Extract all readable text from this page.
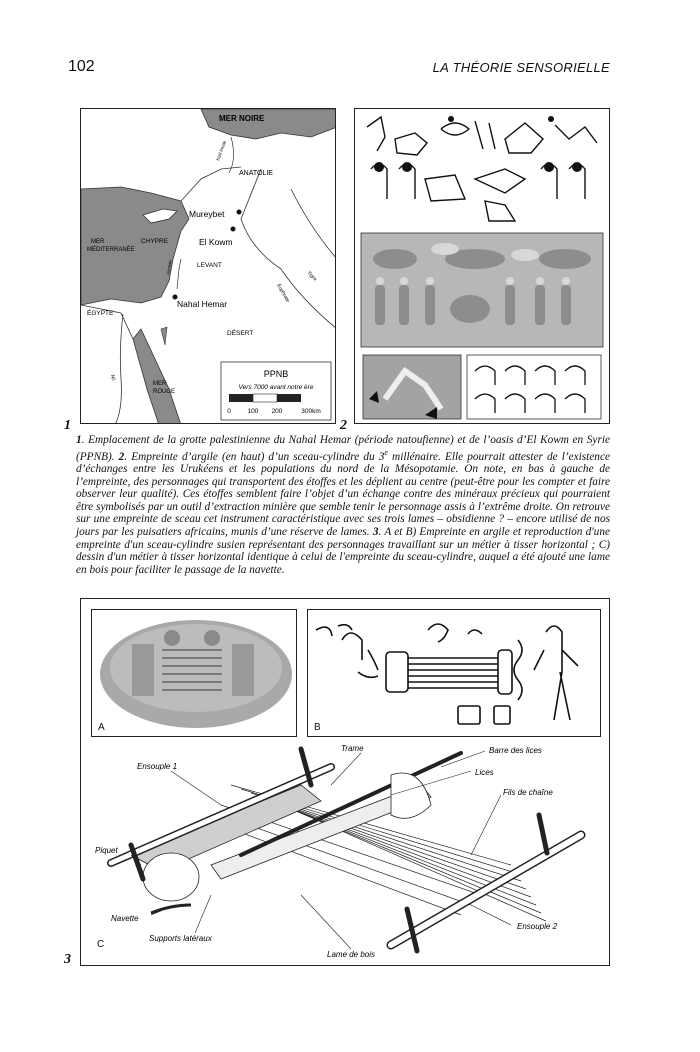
102	LA THÉORIE SENSORIELLE
MER NOIRE
ANATOLIE
Mureybet
El Kowm
MER
MÉDITERRANÉE
CHYPRE
LEVANT
Nahal Hemar
ÉGYPTE
DÉSERT
MER
ROUGE
Kizil Irmak
Euphrate
Tigre
Nil
Jourdain
PPNB
Vers 7000 avant notre ère
0	100 200	300km
1	2
1. Emplacement de la grotte palestinienne du Nahal Hemar (période natoufienne) et de l’oasis d’El Kowm en Syrie (PPNB). 2. Empreinte d’argile (en haut) d’un sceau-cylindre du 3e millénaire. Elle pourrait attester de l’existence d’échanges entre les Urukéens et les populations du nord de la Mésopotamie. On note, en bas à gauche de l’empreinte, des personnages qui transportent des étoffes et les déplient au centre (peut-être pour les compter et faire observer leur qualité). Ces étoffes semblent faire l’objet d’un échange contre des minéraux précieux qui pourraient être symbolisés par un outil d’extraction minière que semble tenir le personnage assis à l’extrême droite. On retrouve sur une empreinte de sceau cet instrument caractéristique avec ses trois lames – obsidienne ? – encore utilisé de nos jours par les puisatiers africains, munis d’une réserve de lames. 3. A et B) Empreinte en argile et reproduction d'une empreinte d'un sceau-cylindre susien représentant des personnages travaillant sur un métier à tisser horizontal ; C) dessin d'un métier à tisser horizontal identique à celui de l'empreinte du sceau-cylindre, auquel a été ajouté une lame en bois pour faciliter le passage de la navette.
A	B
Ensouple 1
Trame	Barre des lices
Lices
Fils de chaîne
Piquet
Navette
Supports latéraux
Lame de bois
Ensouple 2
C
3
